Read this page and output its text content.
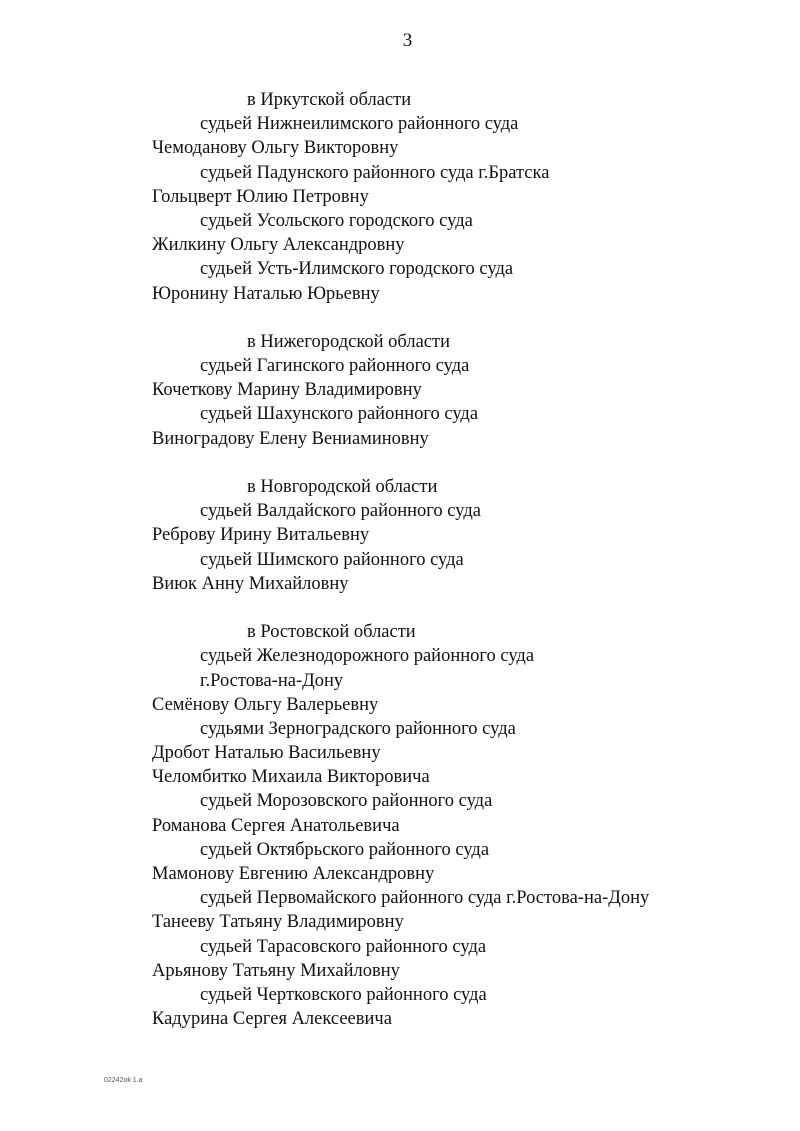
3
в Иркутской области
судьей Нижнеилимского районного суда
Чемоданову Ольгу Викторовну
судьей Падунского районного суда г.Братска
Гольцверт Юлию Петровну
судьей Усольского городского суда
Жилкину Ольгу Александровну
судьей Усть-Илимского городского суда
Юронину Наталью Юрьевну
в Нижегородской области
судьей Гагинского районного суда
Кочеткову Марину Владимировну
судьей Шахунского районного суда
Виноградову Елену Вениаминовну
в Новгородской области
судьей Валдайского районного суда
Реброву Ирину Витальевну
судьей Шимского районного суда
Виюк Анну Михайловну
в Ростовской области
судьей Железнодорожного районного суда
г.Ростова-на-Дону
Семёнову Ольгу Валерьевну
судьями Зерноградского районного суда
Дробот Наталью Васильевну
Челомбитко Михаила Викторовича
судьей Морозовского районного суда
Романова Сергея Анатольевича
судьей Октябрьского районного суда
Мамонову Евгению Александровну
судьей Первомайского районного суда г.Ростова-на-Дону
Танееву Татьяну Владимировну
судьей Тарасовского районного суда
Арьянову Татьяну Михайловну
судьей Чертковского районного суда
Кадурина Сергея Алексеевича
02242ok 1.a
